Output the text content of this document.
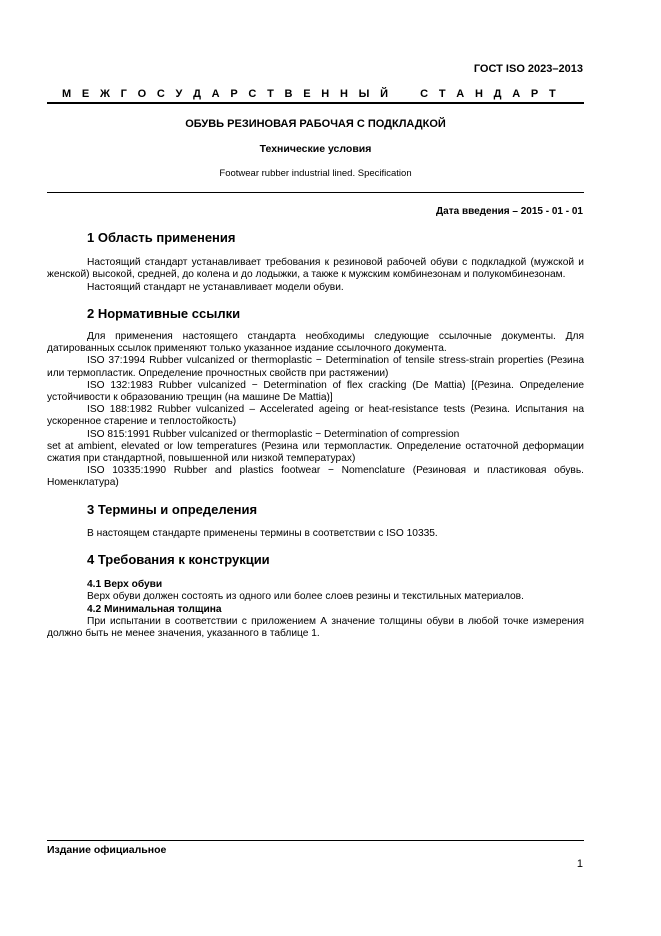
ГОСТ ISO 2023–2013
М Е Ж Г О С У Д А Р С Т В Е Н Н Ы Й	С Т А Н Д А Р Т
ОБУВЬ РЕЗИНОВАЯ РАБОЧАЯ С ПОДКЛАДКОЙ
Технические условия
Footwear rubber industrial lined. Specification
Дата введения – 2015 - 01 - 01
1 Область применения

Настоящий стандарт устанавливает требования к резиновой рабочей обуви с подкладкой (мужской и женской) высокой, средней, до колена и до лодыжки, а также к мужским комбинезонам и полукомбинезонам.

Настоящий стандарт не устанавливает модели обуви.

2 Нормативные ссылки

Для применения настоящего стандарта необходимы следующие ссылочные документы. Для датированных ссылок применяют только указанное издание ссылочного документа.

ISO 37:1994 Rubber vulcanized or thermoplastic − Determination of tensile stress-strain properties (Резина или термопластик. Определение прочностных свойств при растяжении)

ISO 132:1983 Rubber vulcanized − Determination of flex cracking (De Mattia) [(Резина. Определение устойчивости к образованию трещин (на машине De Mattia)]

ISO 188:1982 Rubber vulcanized – Accelerated ageing or heat-resistance tests (Резина. Испытания на ускоренное старение и теплостойкость)

ISO 815:1991 Rubber vulcanized or thermoplastic − Determination of compression

set at ambient, elevated or low temperatures (Резина или термопластик. Определение остаточной деформации сжатия при стандартной, повышенной или низкой температурах)

ISO 10335:1990 Rubber and plastics footwear − Nomenclature (Резиновая и пластиковая обувь. Номенклатура)

3 Термины и определения

В настоящем стандарте применены термины в соответствии с ISO 10335.

4 Требования к конструкции

4.1 Верх обуви

Верх обуви должен состоять из одного или более слоев резины и текстильных материалов.

4.2 Минимальная толщина

При испытании в соответствии с приложением А значение толщины обуви в любой точке измерения должно быть не менее значения, указанного в таблице 1.

Издание официальное
1
